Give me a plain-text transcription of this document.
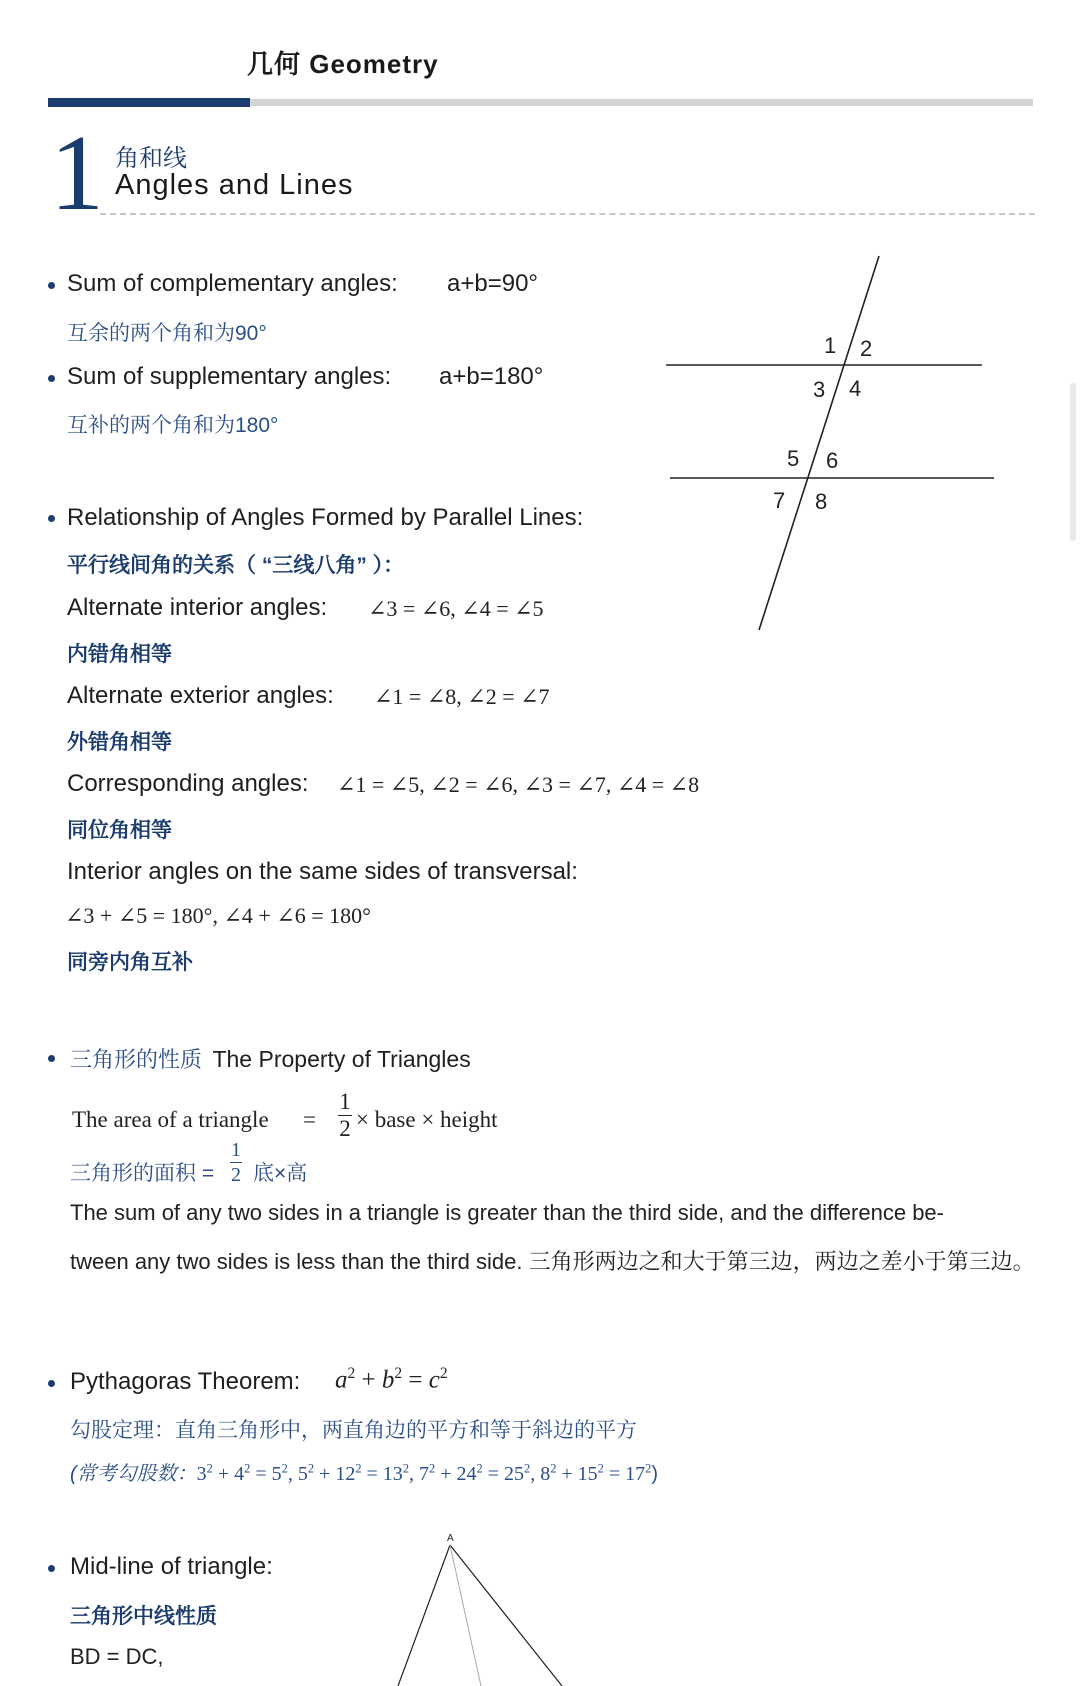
几何 Geometry
1 角和线
Angles and Lines
Sum of complementary angles: a+b=90°
互余的两个角和为90°
Sum of supplementary angles: a+b=180°
互补的两个角和为180°
1 2
3 4
5 6
7 8
Relationship of Angles Formed by Parallel Lines:
平行线间角的关系（ “三线八角” ）：
Alternate interior angles: ∠3 = ∠6, ∠4 = ∠5
内错角相等
Alternate exterior angles: ∠1 = ∠8, ∠2 = ∠7
外错角相等
Corresponding angles: ∠1 = ∠5, ∠2 = ∠6, ∠3 = ∠7, ∠4 = ∠8
同位角相等
Interior angles on the same sides of transversal:
∠3 + ∠5 = 180°, ∠4 + ∠6 = 180°
同旁内角互补
三角形的性质 The Property of Triangles
The area of a triangle =
1
2 × base × height
三角形的面积 =
1
2 底×高
The sum of any two sides in a triangle is greater than the third side, and the difference be-
tween any two sides is less than the third side. 三角形两边之和大于第三边，两边之差小于第三边。
Pythagoras Theorem: $a^2 + b^2 = c^2$
勾股定理：直角三角形中，两直角边的平方和等于斜边的平方
(常考勾股数：$3^2 + 4^2 = 5^2$, $5^2 + 12^2 = 13^2$, $7^2 + 24^2 = 25^2$, $8^2 + 15^2 = 17^2$)
Mid-line of triangle:
三角形中线性质
BD = DC,
A
